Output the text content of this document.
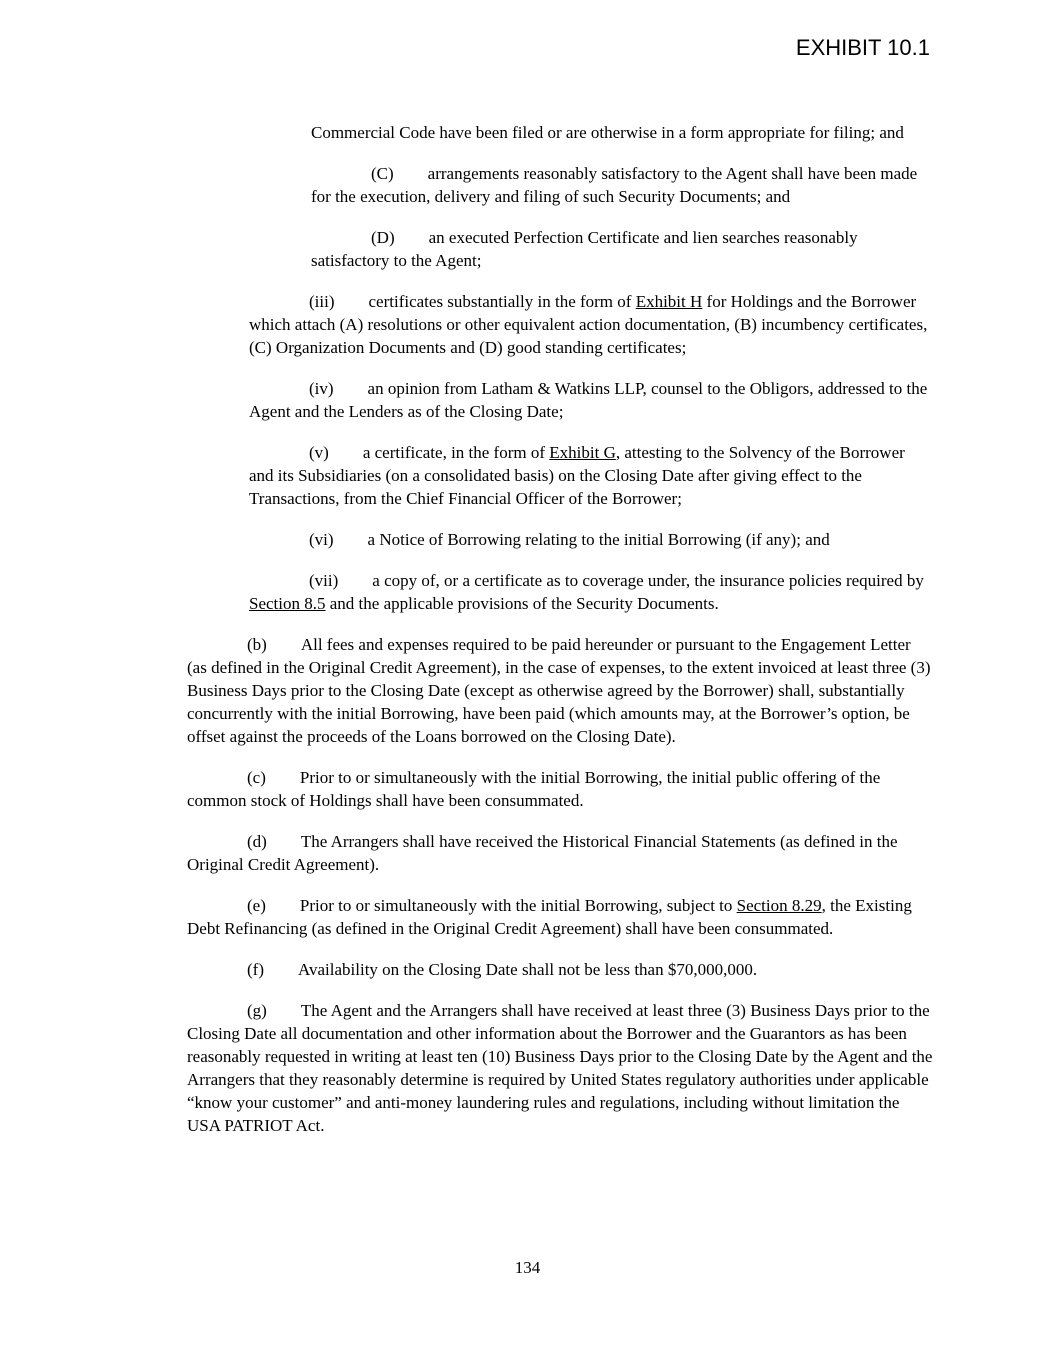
EXHIBIT 10.1

Commercial Code have been filed or are otherwise in a form appropriate for filing; and

(C) arrangements reasonably satisfactory to the Agent shall have been made for the execution, delivery and filing of such Security Documents; and

(D) an executed Perfection Certificate and lien searches reasonably satisfactory to the Agent;

(iii) certificates substantially in the form of Exhibit H for Holdings and the Borrower which attach (A) resolutions or other equivalent action documentation, (B) incumbency certificates, (C) Organization Documents and (D) good standing certificates;

(iv) an opinion from Latham & Watkins LLP, counsel to the Obligors, addressed to the Agent and the Lenders as of the Closing Date;

(v) a certificate, in the form of Exhibit G, attesting to the Solvency of the Borrower and its Subsidiaries (on a consolidated basis) on the Closing Date after giving effect to the Transactions, from the Chief Financial Officer of the Borrower;

(vi) a Notice of Borrowing relating to the initial Borrowing (if any); and

(vii) a copy of, or a certificate as to coverage under, the insurance policies required by Section 8.5 and the applicable provisions of the Security Documents.

(b) All fees and expenses required to be paid hereunder or pursuant to the Engagement Letter (as defined in the Original Credit Agreement), in the case of expenses, to the extent invoiced at least three (3) Business Days prior to the Closing Date (except as otherwise agreed by the Borrower) shall, substantially concurrently with the initial Borrowing, have been paid (which amounts may, at the Borrower’s option, be offset against the proceeds of the Loans borrowed on the Closing Date).

(c) Prior to or simultaneously with the initial Borrowing, the initial public offering of the common stock of Holdings shall have been consummated.

(d) The Arrangers shall have received the Historical Financial Statements (as defined in the Original Credit Agreement).

(e) Prior to or simultaneously with the initial Borrowing, subject to Section 8.29, the Existing Debt Refinancing (as defined in the Original Credit Agreement) shall have been consummated.

(f) Availability on the Closing Date shall not be less than $70,000,000.

(g) The Agent and the Arrangers shall have received at least three (3) Business Days prior to the Closing Date all documentation and other information about the Borrower and the Guarantors as has been reasonably requested in writing at least ten (10) Business Days prior to the Closing Date by the Agent and the Arrangers that they reasonably determine is required by United States regulatory authorities under applicable “know your customer” and anti-money laundering rules and regulations, including without limitation the USA PATRIOT Act.

134
